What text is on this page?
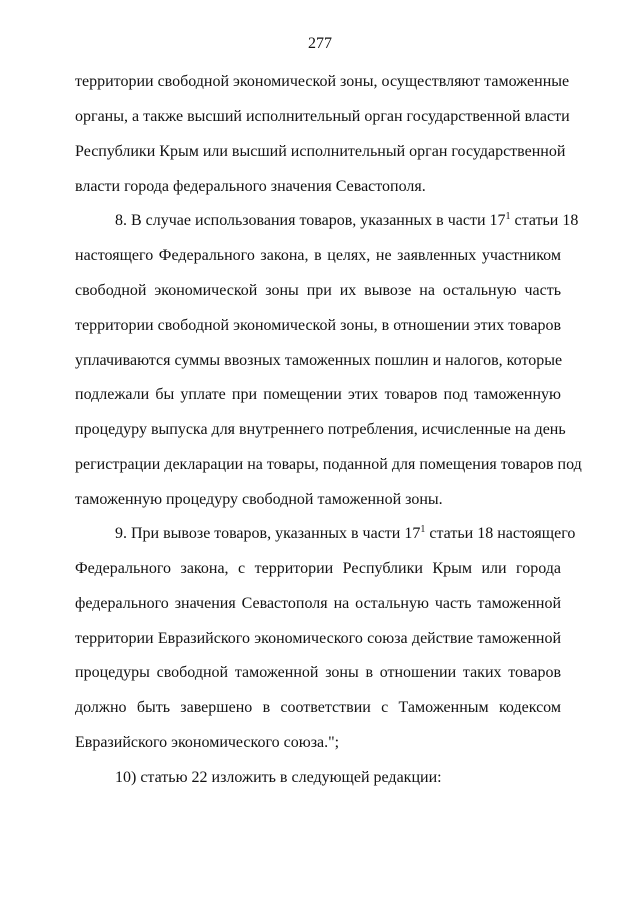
277
территории свободной экономической зоны, осуществляют таможенные
органы, а также высший исполнительный орган государственной власти
Республики Крым или высший исполнительный орган государственной
власти города федерального значения Севастополя.
8. В случае использования товаров, указанных в части $17^1$ статьи 18
настоящего Федерального закона, в целях, не заявленных участником
свободной экономической зоны при их вывозе на остальную часть
территории свободной экономической зоны, в отношении этих товаров
уплачиваются суммы ввозных таможенных пошлин и налогов, которые
подлежали бы уплате при помещении этих товаров под таможенную
процедуру выпуска для внутреннего потребления, исчисленные на день
регистрации декларации на товары, поданной для помещения товаров под
таможенную процедуру свободной таможенной зоны.
9. При вывозе товаров, указанных в части $17^1$ статьи 18 настоящего
Федерального закона, с территории Республики Крым или города
федерального значения Севастополя на остальную часть таможенной
территории Евразийского экономического союза действие таможенной
процедуры свободной таможенной зоны в отношении таких товаров
должно быть завершено в соответствии с Таможенным кодексом
Евразийского экономического союза.";
10) статью 22 изложить в следующей редакции:
